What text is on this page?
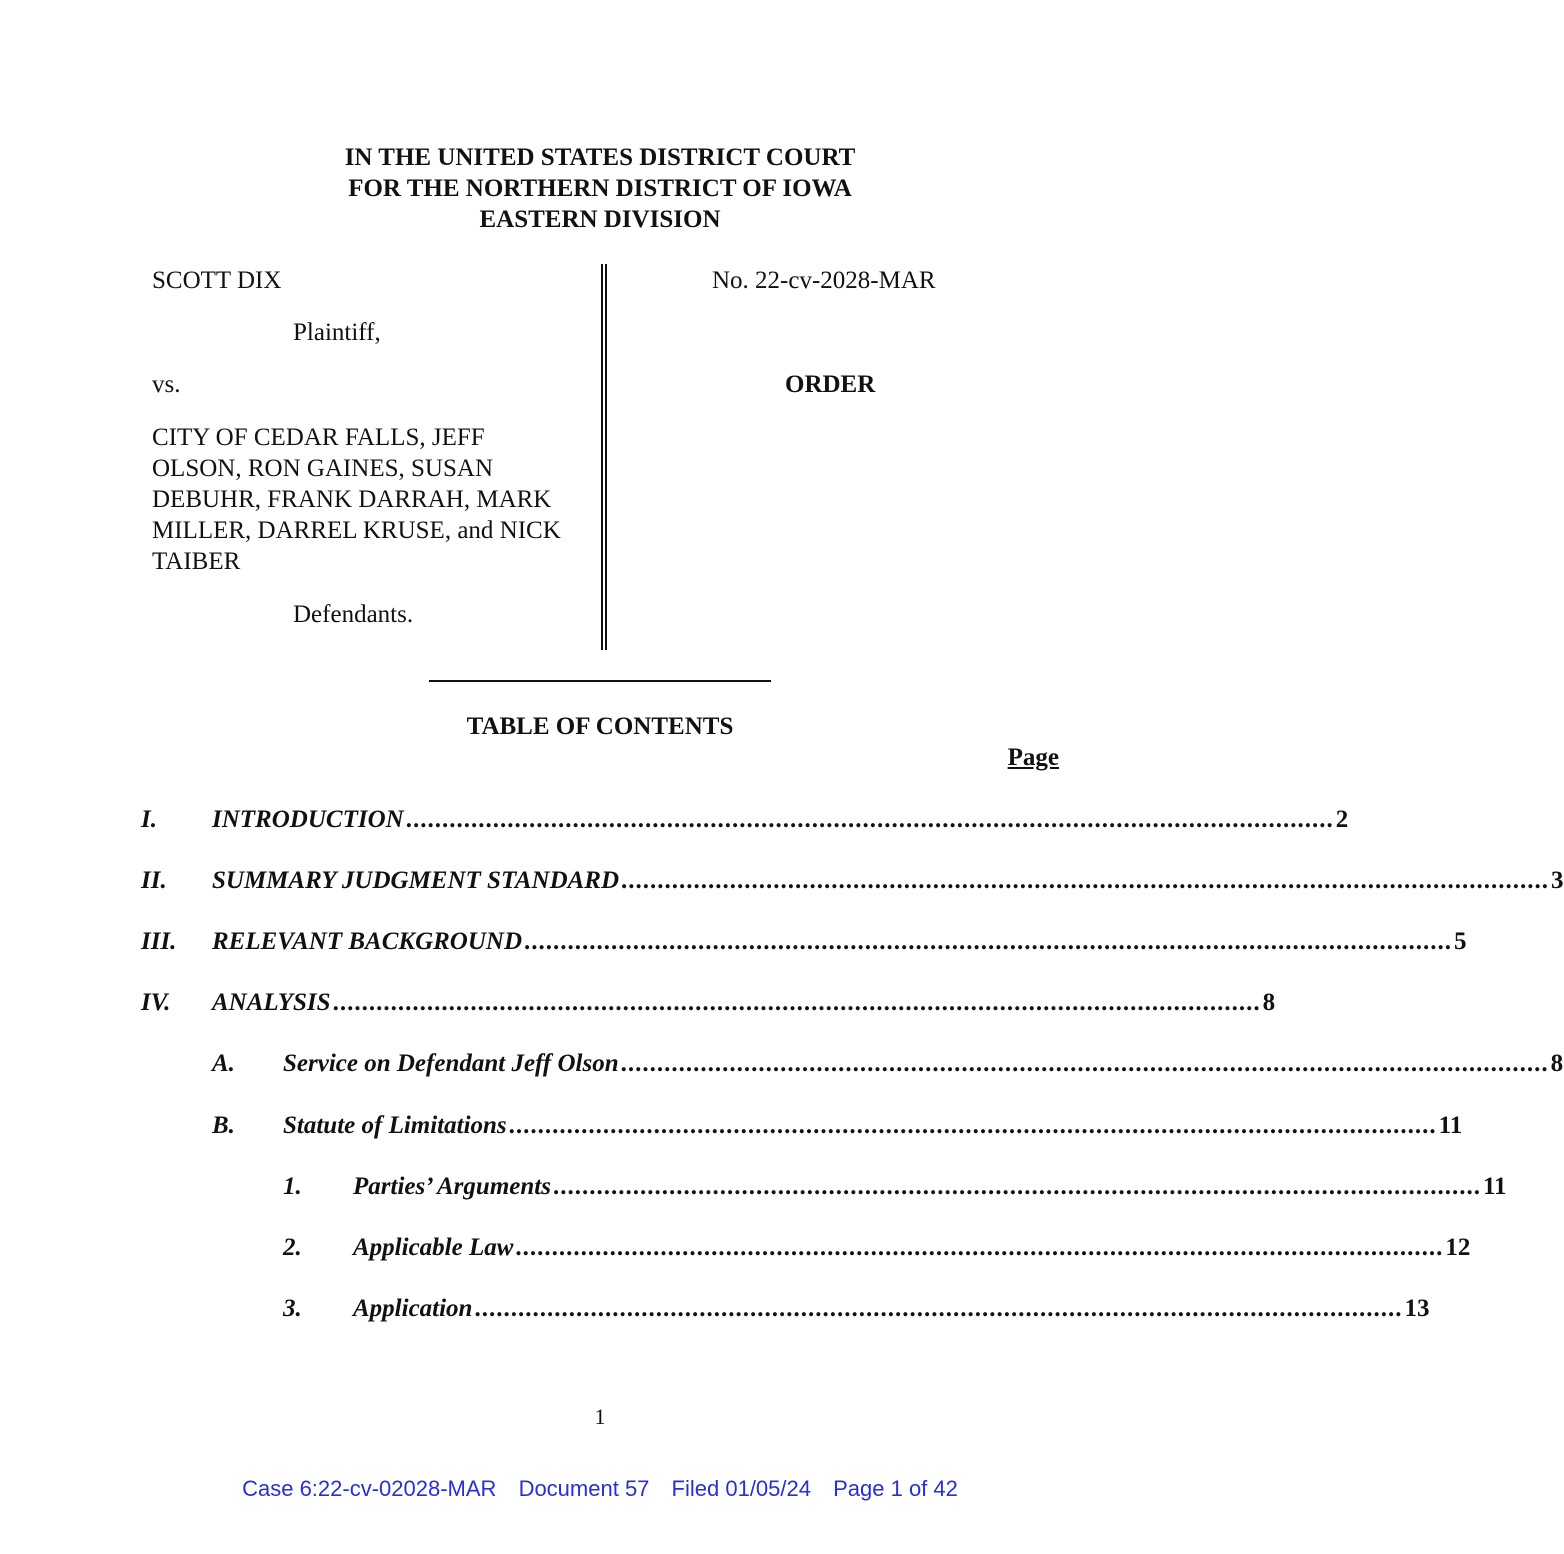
IN THE UNITED STATES DISTRICT COURT
FOR THE NORTHERN DISTRICT OF IOWA
EASTERN DIVISION
SCOTT DIX
Plaintiff,
vs.
CITY OF CEDAR FALLS, JEFF
OLSON, RON GAINES, SUSAN
DEBUHR, FRANK DARRAH, MARK
MILLER, DARREL KRUSE, and NICK
TAIBER
Defendants.
No. 22-cv-2028-MAR
ORDER
TABLE OF CONTENTS
Page
I. INTRODUCTION ................................................................................................................................ 2
II. SUMMARY JUDGMENT STANDARD ................................................................................................................................ 3
III. RELEVANT BACKGROUND ................................................................................................................................ 5
IV. ANALYSIS ................................................................................................................................ 8
A. Service on Defendant Jeff Olson ................................................................................................................................ 8
B. Statute of Limitations ................................................................................................................................ 11
1. Parties’ Arguments ................................................................................................................................ 11
2. Applicable Law ................................................................................................................................ 12
3. Application ................................................................................................................................ 13
1
Case 6:22-cv-02028-MAR Document 57 Filed 01/05/24 Page 1 of 42
